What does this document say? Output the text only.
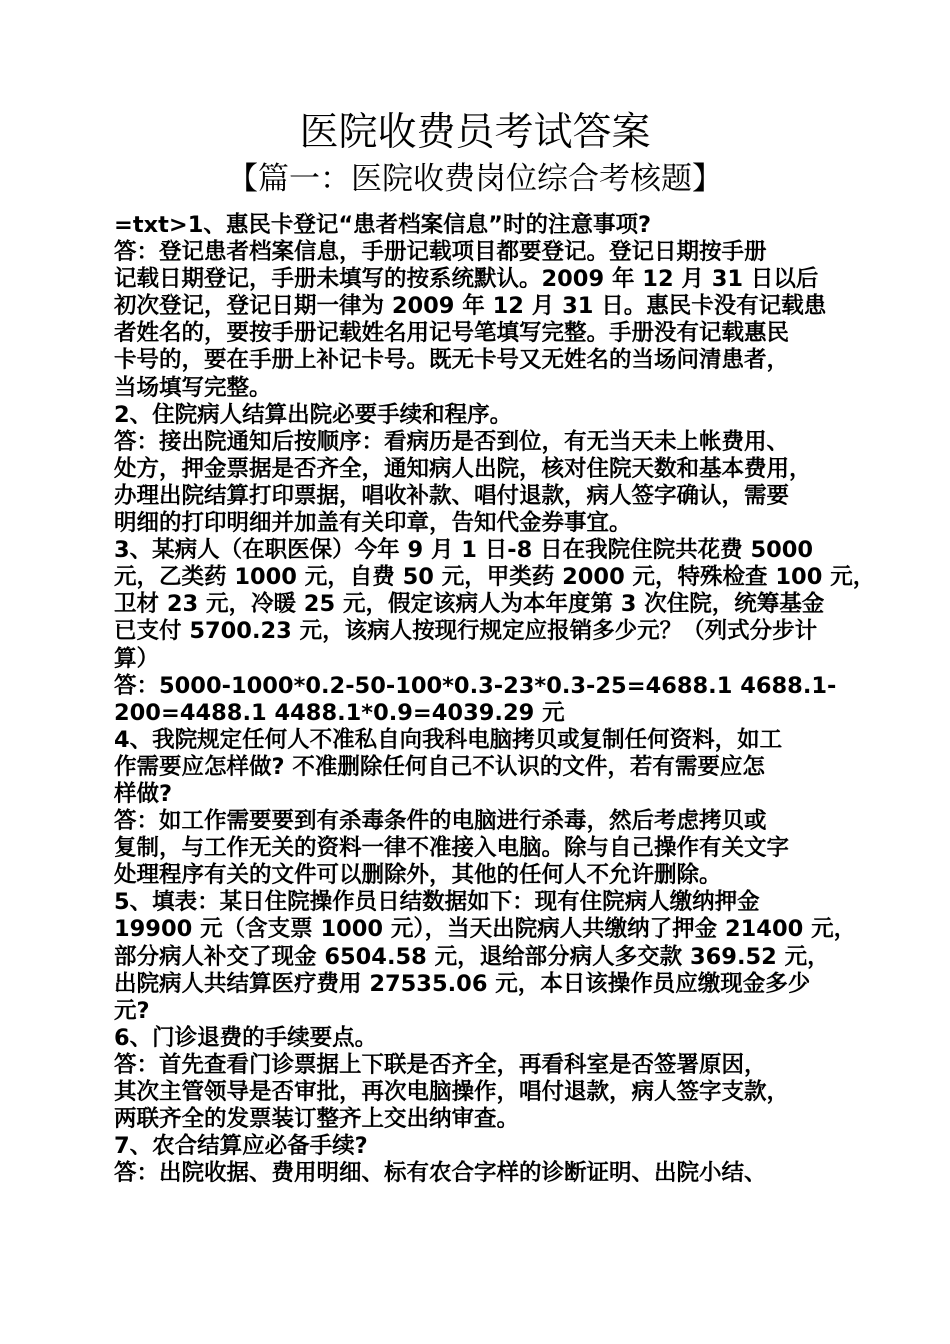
医院收费员考试答案
【篇一：医院收费岗位综合考核题】
=txt>1、惠民卡登记“患者档案信息”时的注意事项?
答：登记患者档案信息，手册记载项目都要登记。登记日期按手册
记载日期登记，手册未填写的按系统默认。2009 年 12 月 31 日以后
初次登记，登记日期一律为 2009 年 12 月 31 日。惠民卡没有记载患
者姓名的，要按手册记载姓名用记号笔填写完整。手册没有记载惠民
卡号的，要在手册上补记卡号。既无卡号又无姓名的当场问清患者，
当场填写完整。
2、住院病人结算出院必要手续和程序。
答：接出院通知后按顺序：看病历是否到位，有无当天未上帐费用、
处方，押金票据是否齐全，通知病人出院，核对住院天数和基本费用，
办理出院结算打印票据，唱收补款、唱付退款，病人签字确认，需要
明细的打印明细并加盖有关印章，告知代金券事宜。
3、某病人（在职医保）今年 9 月 1 日-8 日在我院住院共花费 5000
元，乙类药 1000 元，自费 50 元，甲类药 2000 元，特殊检查 100 元，
卫材 23 元，冷暖 25 元，假定该病人为本年度第 3 次住院，统筹基金
已支付 5700.23 元，该病人按现行规定应报销多少元？（列式分步计
算）
答：5000-1000*0.2-50-100*0.3-23*0.3-25=4688.1 4688.1-
200=4488.1 4488.1*0.9=4039.29 元
4、我院规定任何人不准私自向我科电脑拷贝或复制任何资料，如工
作需要应怎样做? 不准删除任何自己不认识的文件，若有需要应怎
样做?
答：如工作需要要到有杀毒条件的电脑进行杀毒，然后考虑拷贝或
复制，与工作无关的资料一律不准接入电脑。除与自己操作有关文字
处理程序有关的文件可以删除外，其他的任何人不允许删除。
5、填表：某日住院操作员日结数据如下：现有住院病人缴纳押金
19900 元（含支票 1000 元），当天出院病人共缴纳了押金 21400 元，
部分病人补交了现金 6504.58 元，退给部分病人多交款 369.52 元，
出院病人共结算医疗费用 27535.06 元，本日该操作员应缴现金多少
元?
6、门诊退费的手续要点。
答：首先查看门诊票据上下联是否齐全，再看科室是否签署原因，
其次主管领导是否审批，再次电脑操作，唱付退款，病人签字支款，
两联齐全的发票装订整齐上交出纳审查。
7、农合结算应必备手续?
答：出院收据、费用明细、标有农合字样的诊断证明、出院小结、
